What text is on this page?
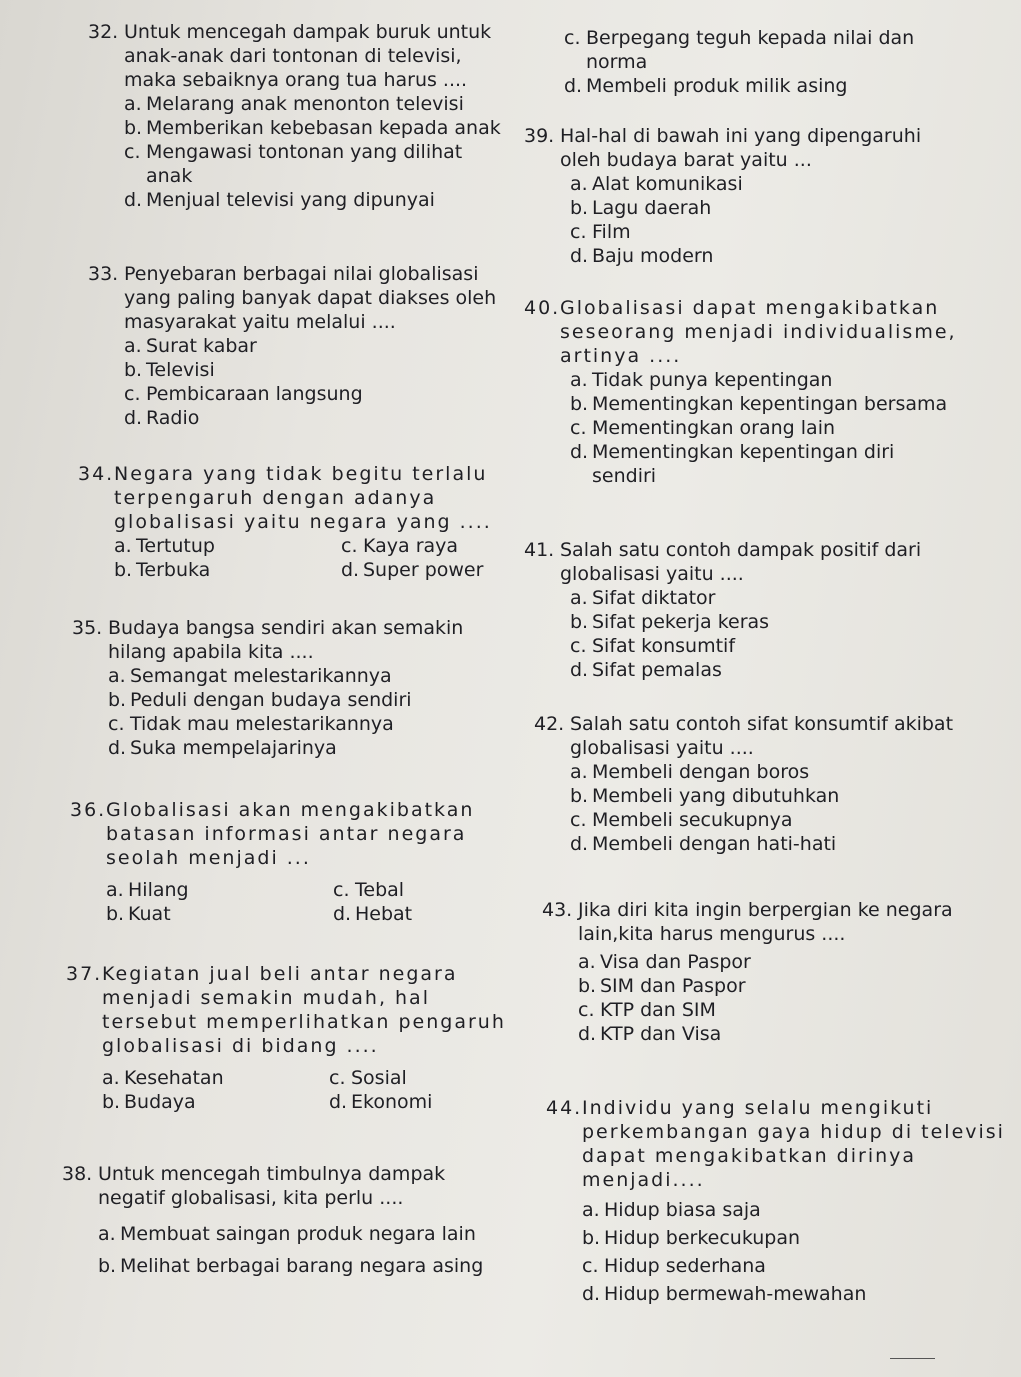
32. Untuk mencegah dampak buruk untuk anak-anak dari tontonan di televisi, maka sebaiknya orang tua harus ....
a. Melarang anak menonton televisi
b. Memberikan kebebasan kepada anak
c. Mengawasi tontonan yang dilihat anak
d. Menjual televisi yang dipunyai
33. Penyebaran berbagai nilai globalisasi yang paling banyak dapat diakses oleh masyarakat yaitu melalui ....
a. Surat kabar
b. Televisi
c. Pembicaraan langsung
d. Radio
34. Negara yang tidak begitu terlalu terpengaruh dengan adanya globalisasi yaitu negara yang ....
a. Tertutup	c. Kaya raya
b. Terbuka	d. Super power
35. Budaya bangsa sendiri akan semakin hilang apabila kita ....
a. Semangat melestarikannya
b. Peduli dengan budaya sendiri
c. Tidak mau melestarikannya
d. Suka mempelajarinya
36. Globalisasi akan mengakibatkan batasan informasi antar negara seolah menjadi ...
a. Hilang	c. Tebal
b. Kuat	d. Hebat
37. Kegiatan jual beli antar negara menjadi semakin mudah, hal tersebut memperlihatkan pengaruh globalisasi di bidang ....
a. Kesehatan	c. Sosial
b. Budaya	d. Ekonomi
38. Untuk mencegah timbulnya dampak negatif globalisasi, kita perlu ....
a. Membuat saingan produk negara lain
b. Melihat berbagai barang negara asing
c. Berpegang teguh kepada nilai dan norma
d. Membeli produk milik asing
39. Hal-hal di bawah ini yang dipengaruhi oleh budaya barat yaitu ...
a. Alat komunikasi
b. Lagu daerah
c. Film
d. Baju modern
40. Globalisasi dapat mengakibatkan seseorang menjadi individualisme, artinya ....
a. Tidak punya kepentingan
b. Mementingkan kepentingan bersama
c. Mementingkan orang lain
d. Mementingkan kepentingan diri sendiri
41. Salah satu contoh dampak positif dari globalisasi yaitu ....
a. Sifat diktator
b. Sifat pekerja keras
c. Sifat konsumtif
d. Sifat pemalas
42. Salah satu contoh sifat konsumtif akibat globalisasi yaitu ....
a. Membeli dengan boros
b. Membeli yang dibutuhkan
c. Membeli secukupnya
d. Membeli dengan hati-hati
43. Jika diri kita ingin berpergian ke negara lain,kita harus mengurus ....
a. Visa dan Paspor
b. SIM dan Paspor
c. KTP dan SIM
d. KTP dan Visa
44. Individu yang selalu mengikuti perkembangan gaya hidup di televisi dapat mengakibatkan dirinya menjadi....
a. Hidup biasa saja
b. Hidup berkecukupan
c. Hidup sederhana
d. Hidup bermewah-mewahan
